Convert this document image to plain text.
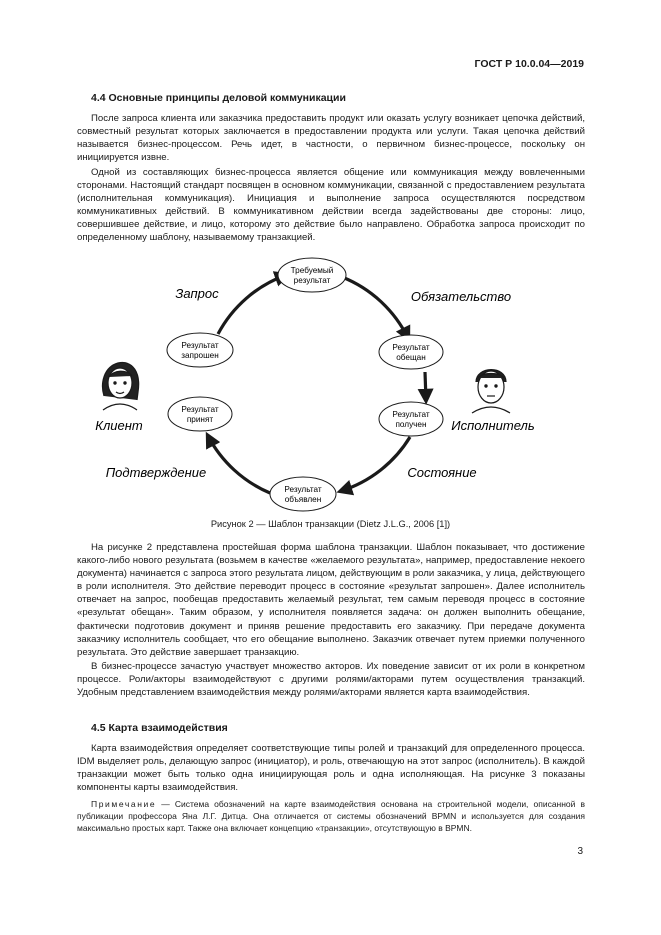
ГОСТ Р 10.0.04—2019
4.4 Основные принципы деловой коммуникации

После запроса клиента или заказчика предоставить продукт или оказать услугу возникает цепочка действий, совместный результат которых заключается в предоставлении продукта или услуги. Такая цепочка действий называется бизнес-процессом. Речь идет, в частности, о первичном бизнес-процессе, поскольку он инициируется извне.

Одной из составляющих бизнес-процесса является общение или коммуникация между вовлеченными сторонами. Настоящий стандарт посвящен в основном коммуникации, связанной с предоставлением результата (исполнительная коммуникация). Инициация и выполнение запроса осуществляются посредством коммуникативных действий. В коммуникативном действии всегда задействованы две стороны: лицо, совершившее действие, и лицо, которому это действие было направлено. Обработка запроса происходит по определенному шаблону, называемому транзакцией.

Требуемый
результат
Результат
обещан
Результат
получен
Результат
объявлен
Результат
принят
Результат
запрошен
Запрос	Обязательство
Состояние
Подтверждение
Клиент	Исполнитель
Рисунок 2 — Шаблон транзакции (Dietz J.L.G., 2006 [1])

На рисунке 2 представлена простейшая форма шаблона транзакции. Шаблон показывает, что достижение какого-либо нового результата (возьмем в качестве «желаемого результата», например, предоставление некоего документа) начинается с запроса этого результата лицом, действующим в роли заказчика, у лица, действующего в роли исполнителя. Это действие переводит процесс в состояние «результат запрошен». Далее исполнитель отвечает на запрос, пообещав предоставить желаемый результат, тем самым переводя процесс в состояние «результат обещан». Таким образом, у исполнителя появляется задача: он должен выполнить обещание, фактически подготовив документ и приняв решение предоставить его заказчику. При передаче документа заказчику исполнитель сообщает, что его обещание выполнено. Заказчик отвечает путем приемки полученного результата. Это действие завершает транзакцию.

В бизнес-процессе зачастую участвует множество акторов. Их поведение зависит от их роли в конкретном процессе. Роли/акторы взаимодействуют с другими ролями/акторами путем осуществления транзакций. Удобным представлением взаимодействия между ролями/акторами является карта взаимодействия.

4.5 Карта взаимодействия

Карта взаимодействия определяет соответствующие типы ролей и транзакций для определенного процесса. IDM выделяет роль, делающую запрос (инициатор), и роль, отвечающую на этот запрос (исполнитель). В каждой транзакции может быть только одна инициирующая роль и одна исполняющая. На рисунке 3 показаны компоненты карты взаимодействия.

Примечание — Система обозначений на карте взаимодействия основана на строительной модели, описанной в публикации профессора Яна Л.Г. Дитца. Она отличается от системы обозначений BPMN и используется для создания максимально простых карт. Также она включает концепцию «транзакции», отсутствующую в BPMN.

3
